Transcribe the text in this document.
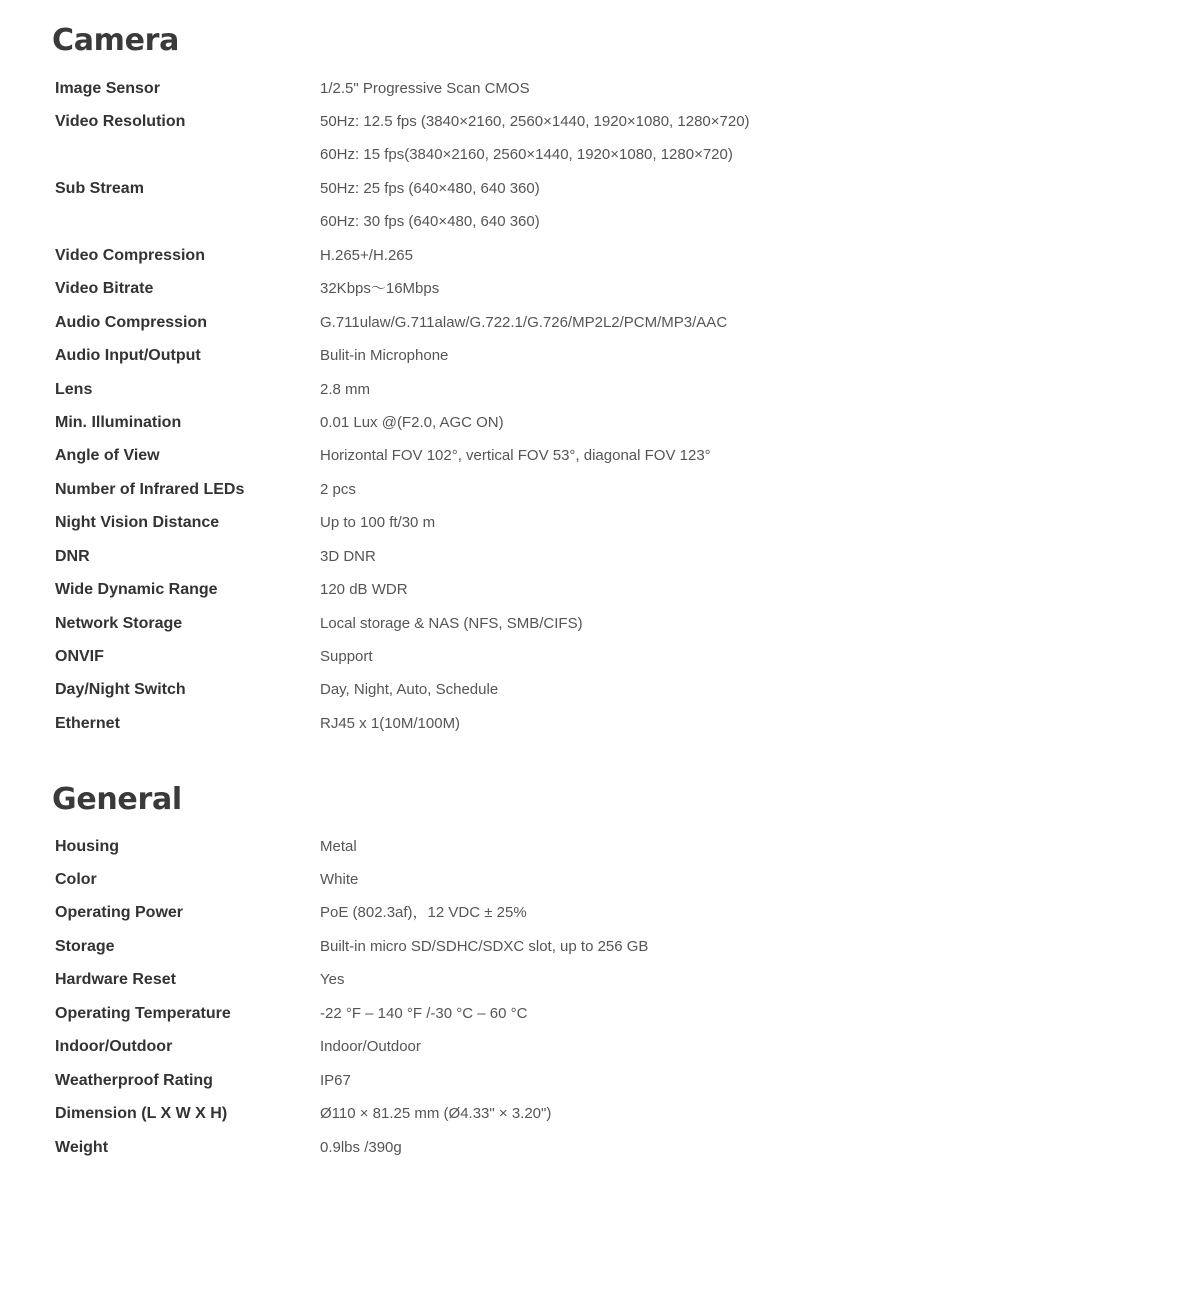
Camera
Image Sensor	1/2.5" Progressive Scan CMOS
Video Resolution	50Hz: 12.5 fps (3840×2160, 2560×1440, 1920×1080, 1280×720)
60Hz: 15 fps(3840×2160, 2560×1440, 1920×1080, 1280×720)
Sub Stream	50Hz: 25 fps (640×480, 640 360)
60Hz: 30 fps (640×480, 640 360)
Video Compression	H.265+/H.265
Video Bitrate	32Kbps～16Mbps
Audio Compression	G.711ulaw/G.711alaw/G.722.1/G.726/MP2L2/PCM/MP3/AAC
Audio Input/Output	Bulit-in Microphone
Lens	2.8 mm
Min. Illumination	0.01 Lux @(F2.0, AGC ON)
Angle of View	Horizontal FOV 102°, vertical FOV 53°, diagonal FOV 123°
Number of Infrared LEDs	2 pcs
Night Vision Distance	Up to 100 ft/30 m
DNR	3D DNR
Wide Dynamic Range	120 dB WDR
Network Storage	Local storage & NAS (NFS, SMB/CIFS)
ONVIF	Support
Day/Night Switch	Day, Night, Auto, Schedule
Ethernet	RJ45 x 1(10M/100M)
General
Housing	Metal
Color	White
Operating Power	PoE (802.3af)，12 VDC ± 25%
Storage	Built-in micro SD/SDHC/SDXC slot, up to 256 GB
Hardware Reset	Yes
Operating Temperature	-22 °F – 140 °F /-30 °C – 60 °C
Indoor/Outdoor	Indoor/Outdoor
Weatherproof Rating	IP67
Dimension (L X W X H)	Ø110 × 81.25 mm (Ø4.33" × 3.20")
Weight	0.9lbs /390g
